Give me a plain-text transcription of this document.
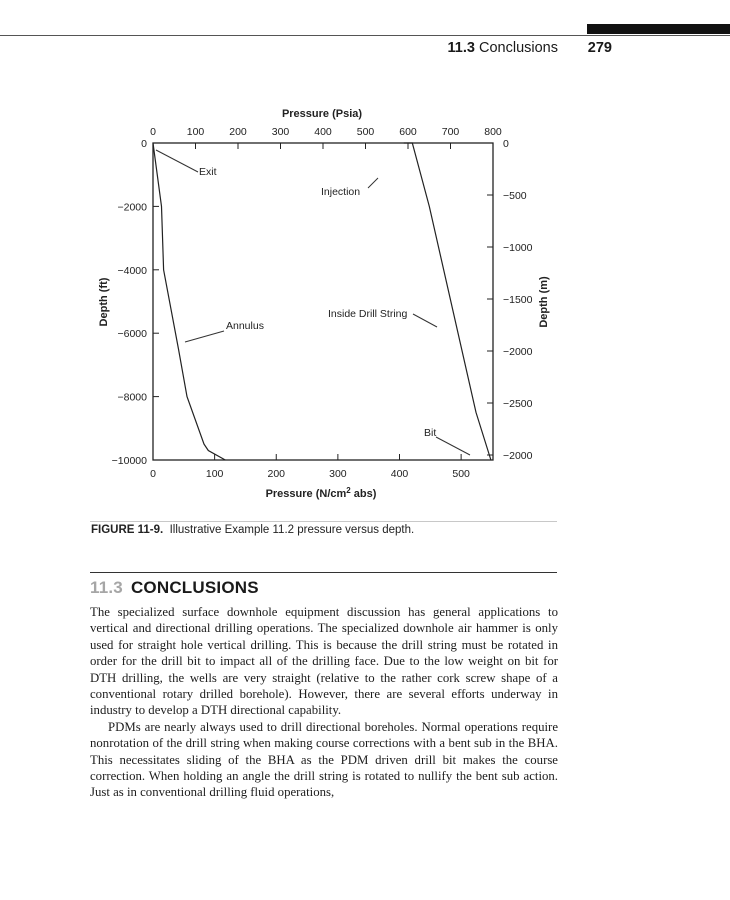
11.3 Conclusions 279
Pressure (Psia)
0	100 200 300 400 500 600 700 800
0	100	200	300	400	500
0
−2000
−4000
−6000
−8000
−10000
0
−500
−1000
−1500
−2000
−2500
−2000
Pressure ($N/cm^2$ abs)
Depth (ft)	Depth (m)
Exit
Injection
Inside Drill String
Annulus
Bit
FIGURE 11-9. Illustrative Example 11.2 pressure versus depth.
11.3 CONCLUSIONS

The specialized surface downhole equipment discussion has general applications to vertical and directional drilling operations. The specialized downhole air hammer is only used for straight hole vertical drilling. This is because the drill string must be rotated in order for the drill bit to impact all of the drilling face. Due to the low weight on bit for DTH drilling, the wells are very straight (relative to the rather cork screw shape of a conventional rotary drilled borehole). However, there are several efforts underway in industry to develop a DTH directional capability.

PDMs are nearly always used to drill directional boreholes. Normal operations require nonrotation of the drill string when making course corrections with a bent sub in the BHA. This necessitates sliding of the BHA as the PDM driven drill bit makes the course correction. When holding an angle the drill string is rotated to nullify the bent sub action. Just as in conventional drilling fluid operations,
